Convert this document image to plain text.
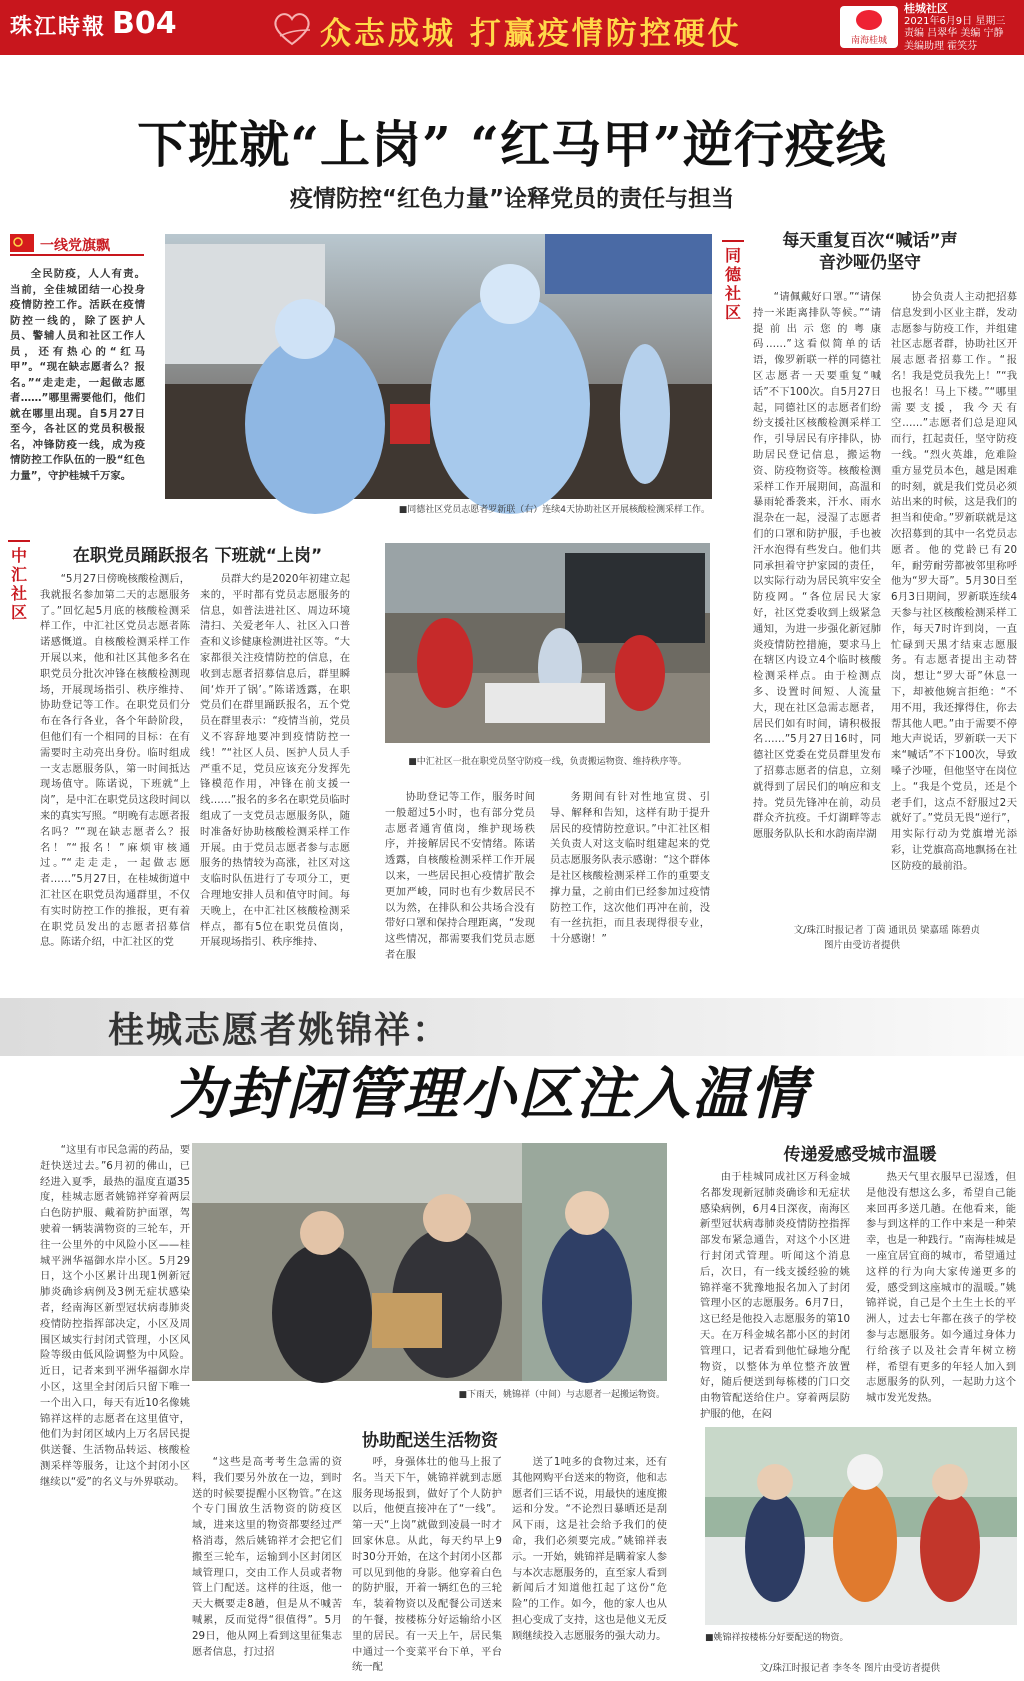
珠江時報 B04	众志成城 打赢疫情防控硬仗	南海桂城
桂城社区
2021年6月9日 星期三
责编 吕翠华 美编 宁静
美编助理 霍笑芬
下班就“上岗” “红马甲”逆行疫线
疫情防控“红色力量”诠释党员的责任与担当
一线党旗飘

全民防疫，人人有责。当前，全佳城团结一心投身疫情防控工作。活跃在疫情防控一线的，除了医护人员、警辅人员和社区工作人员，还有热心的“红马甲”。“现在缺志愿者么？报名。”“走走走，一起做志愿者……”哪里需要他们，他们就在哪里出现。自5月27日至今，各社区的党员积极报名，冲锋防疫一线，成为疫情防控工作队伍的一股“红色力量”，守护桂城千万家。

■同德社区党员志愿者罗新联（右）连续4天协助社区开展核酸检测采样工作。
同德社区
每天重复百次“喊话”声音沙哑仍坚守

“请佩戴好口罩。”“请保持一米距离排队等候。”“请提前出示您的粤康码……”这看似简单的话语，像罗新联一样的同德社区志愿者一天要重复“喊话”不下100次。自5月27日起，同德社区的志愿者们纷纷支援社区核酸检测采样工作，引导居民有序排队，协助居民登记信息，搬运物资、防疫物资等。核酸检测采样工作开展期间，高温和暴雨轮番袭来，汗水、雨水混杂在一起，浸湿了志愿者们的口罩和防护服，手也被汗水泡得有些发白。他们共同承担着守护家园的责任，以实际行动为居民筑牢安全防疫网。“各位居民大家好，社区党委收到上级紧急通知，为进一步强化新冠肺炎疫情防控措施，要求马上在辖区内设立4个临时核酸检测采样点。由于检测点多、设置时间短、人流量大，现在社区急需志愿者，居民们如有时间，请积极报名……”5月27日16时，同德社区党委在党员群里发布了招募志愿者的信息，立刻就得到了居民们的响应和支持。党员先锋冲在前，动员群众齐抗疫。千灯湖畔等志愿服务队队长和水韵南岸湖

协会负责人主动把招募信息发到小区业主群，发动志愿参与防疫工作，并组建社区志愿者群，协助社区开展志愿者招募工作。“报名！我是党员我先上！”“我也报名！马上下楼。”“哪里需要支援，我今天有空……”志愿者们总是迎风而行，扛起责任，坚守防疫一线。“烈火英雄，危难险重方显党员本色，越是困难的时刻，就是我们党员必须站出来的时候，这是我们的担当和使命。”罗新联就是这次招募到的其中一名党员志愿者。他的党龄已有20年，耐劳耐劳都被邻里称呼他为“罗大哥”。5月30日至6月3日期间，罗新联连续4天参与社区核酸检测采样工作，每天7时许到岗，一直忙碌到天黑才结束志愿服务。有志愿者提出主动替岗，想让“罗大哥”休息一下，却被他婉言拒绝：“不用不用，我还撑得住，你去帮其他人吧。”由于需要不停地大声说话，罗新联一天下来“喊话”不下100次，导致嗓子沙哑，但他坚守在岗位上。“我是个党员，还是个老手们，这点不舒服过2天就好了。”党员无畏“逆行”，用实际行动为党旗增光添彩，让党旗高高地飘扬在社区防疫的最前沿。

文/珠江时报记者 丁茵 通讯员 梁嘉瑶 陈碧贞
图片由受访者提供
中汇社区
在职党员踊跃报名 下班就“上岗”

“5月27日傍晚核酸检测后，我就报名参加第二天的志愿服务了。”回忆起5月底的核酸检测采样工作，中汇社区党员志愿者陈诺感慨道。自核酸检测采样工作开展以来，他和社区其他多名在职党员分批次冲锋在核酸检测现场，开展现场指引、秩序维持、协助登记等工作。在职党员们分布在各行各业，各个年龄阶段，但他们有一个相同的目标：在有需要时主动亮出身份。临时组成一支志愿服务队，第一时间抵达现场值守。陈诺说，下班就“上岗”，是中汇在职党员这段时间以来的真实写照。“明晚有志愿者报名吗？”“现在缺志愿者么？报名！”“报名！”麻烦审核通过。”“走走走，一起做志愿者……”5月27日，在桂城街道中汇社区在职党员沟通群里，不仅有实时防控工作的推报，更有着在职党员发出的志愿者招募信息。陈诺介绍，中汇社区的党

员群大约是2020年初建立起来的，平时都有党员志愿服务的信息，如普法进社区、周边环境清扫、关爱老年人、社区入口普查和义诊健康检测进社区等。“大家都很关注疫情防控的信息，在收到志愿者招募信息后，群里瞬间‘炸开了锅’。”陈诺透露，在职党员们在群里踊跃报名，五个党员在群里表示：“疫情当前，党员义不容辞地要冲到疫情防控一线！”“社区人员、医护人员人手严重不足，党员应该充分发挥先锋模范作用，冲锋在前支援一线……”报名的多名在职党员临时组成了一支党员志愿服务队，随时准备好协助核酸检测采样工作开展。由于党员志愿者参与志愿服务的热情较为高涨，社区对这支临时队伍进行了专项分工，更合理地安排人员和值守时间。每天晚上，在中汇社区核酸检测采样点，都有5位在职党员值岗，开展现场指引、秩序维持、

■中汇社区一批在职党员坚守防疫一线，负责搬运物资、维持秩序等。

协助登记等工作，服务时间一般超过5小时，也有部分党员志愿者通宵值岗，维护现场秩序，并接解居民不安情绪。陈诺透露，自核酸检测采样工作开展以来，一些居民担心疫情扩散会更加严峻，同时也有少数居民不以为然，在排队和公共场合没有带好口罩和保持合理距离，“发现这些情况，都需要我们党员志愿者在服

务期间有针对性地宣贯、引导、解释和告知，这样有助于提升居民的疫情防控意识。”中汇社区相关负责人对这支临时组建起来的党员志愿服务队表示感谢：“这个群体是社区核酸检测采样工作的重要支撑力量，之前由们已经参加过疫情防控工作，这次他们再冲在前，没有一丝抗拒，而且表现得很专业，十分感谢！”

桂城志愿者姚锦祥：
为封闭管理小区注入温情

“这里有市民急需的药品，要赶快送过去。”6月初的佛山，已经进入夏季，最热的温度直逼35度，桂城志愿者姚锦祥穿着两层白色防护服、戴着防护面罩，驾驶着一辆装满物资的三轮车，开往一公里外的中风险小区——桂城平洲华福御水岸小区。5月29日，这个小区累计出现1例新冠肺炎确诊病例及3例无症状感染者，经南海区新型冠状病毒肺炎疫情防控指挥部决定，小区及周围区域实行封闭式管理，小区风险等级由低风险调整为中风险。近日，记者来到平洲华福御水岸小区，这里全封闭后只留下唯一一个出入口，每天有近10名像姚锦祥这样的志愿者在这里值守，他们为封闭区域内上万名居民提供送餐、生活物品转运、核酸检测采样等服务，让这个封闭小区继续以“爱”的名义与外界联动。

■下雨天，姚锦祥（中间）与志愿者一起搬运物资。
传递爱感受城市温暖

由于桂城同成社区万科金城名都发现新冠肺炎确诊和无症状感染病例，6月4日深夜，南海区新型冠状病毒肺炎疫情防控指挥部发布紧急通告，对这个小区进行封闭式管理。听闻这个消息后，次日，有一线支援经验的姚锦祥毫不犹豫地报名加入了封闭管理小区的志愿服务。6月7日，这已经是他投入志愿服务的第10天。在万科金城名都小区的封闭管理口，记者看到他忙碌地分配物资，以整体为单位整齐放置好，随后便送到每栋楼的门口交由物管配送给住户。穿着两层防护服的他，在闷

热天气里衣服早已湿透，但是他没有想这么多，希望自己能来回再多送几趟。在他看来，能参与到这样的工作中来是一种荣幸，也是一种践行。“南海桂城是一座宜居宜商的城市，希望通过这样的行为向大家传递更多的爱，感受到这座城市的温暖。”姚锦祥说，自己是个土生土长的平洲人，过去七年都在孩子的学校参与志愿服务。如今通过身体力行给孩子以及社会青年树立榜样，希望有更多的年轻人加入到志愿服务的队列，一起助力这个城市发光发热。

协助配送生活物资

“这些是高考考生急需的资料，我们要另外放在一边，到时送的时候要提醒小区物管。”在这个专门围放生活物资的防疫区域，进来这里的物资都要经过严格消毒，然后姚锦祥才会把它们搬至三轮车，运输到小区封闭区域管理口，交由工作人员或者物管上门配送。这样的往返，他一天大概要走8趟，但是从不喊苦喊累，反而觉得“很值得”。5月29日，他从网上看到这里征集志愿者信息，打过招

呼，身强体壮的他马上报了名。当天下午，姚锦祥就到志愿服务现场报到，做好了个人防护以后，他便直接冲在了“一线”。第一天“上岗”就做到凌晨一时才回家休息。从此，每天约早上9时30分开始，在这个封闭小区都可以见到他的身影。他穿着白色的防护服，开着一辆红色的三轮车，装着物资以及配餐公司送来的午餐，按楼栋分好运输给小区里的居民。有一天上午，居民集中通过一个变菜平台下单，平台统一配

送了1吨多的食物过来，还有其他网购平台送来的物资，他和志愿者们三话不说，用最快的速度搬运和分发。“不论烈日暴晒还是刮风下雨，这是社会给予我们的使命，我们必须要完成。”姚锦祥表示。一开始，姚锦祥是瞒着家人参与本次志愿服务的，直至家人看到新闻后才知道他扛起了这份“危险”的工作。如今，他的家人也从担心变成了支持，这也是他义无反顾继续投入志愿服务的强大动力。	■姚锦祥按楼栋分好要配送的物资。
文/珠江时报记者 李冬冬 图片由受访者提供
